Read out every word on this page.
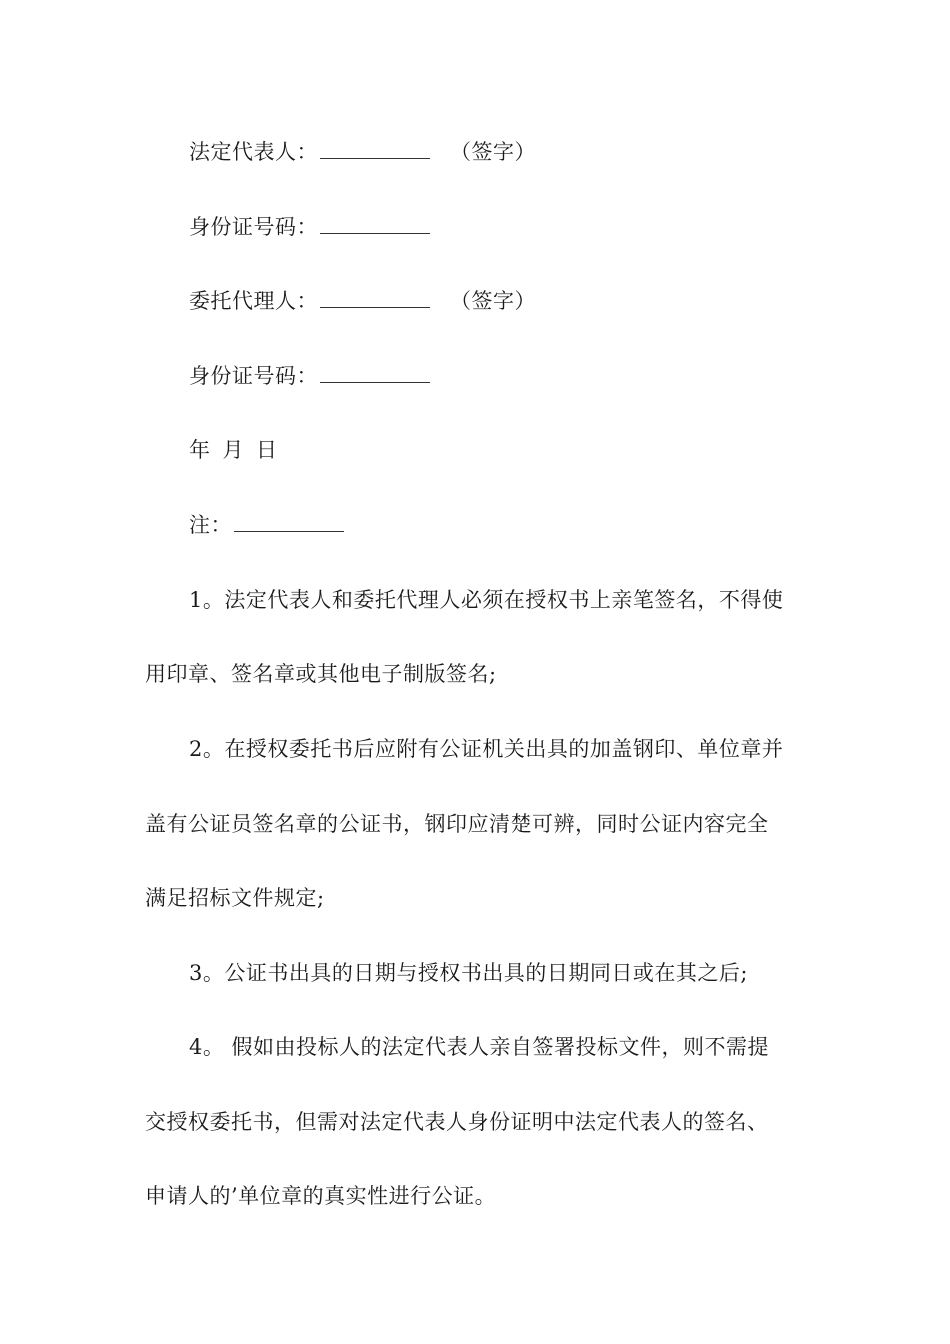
法定代表人：	（签字）
身份证号码：
委托代理人：	（签字）
身份证号码：
年 月 日
注：
1。法定代表人和委托代理人必须在授权书上亲笔签名，不得使
用印章、签名章或其他电子制版签名;
2。在授权委托书后应附有公证机关出具的加盖钢印、单位章并
盖有公证员签名章的公证书，钢印应清楚可辨，同时公证内容完全
满足招标文件规定;
3。公证书出具的日期与授权书出具的日期同日或在其之后;
4。 假如由投标人的法定代表人亲自签署投标文件，则不需提
交授权委托书，但需对法定代表人身份证明中法定代表人的签名、
申请人的’单位章的真实性进行公证。
